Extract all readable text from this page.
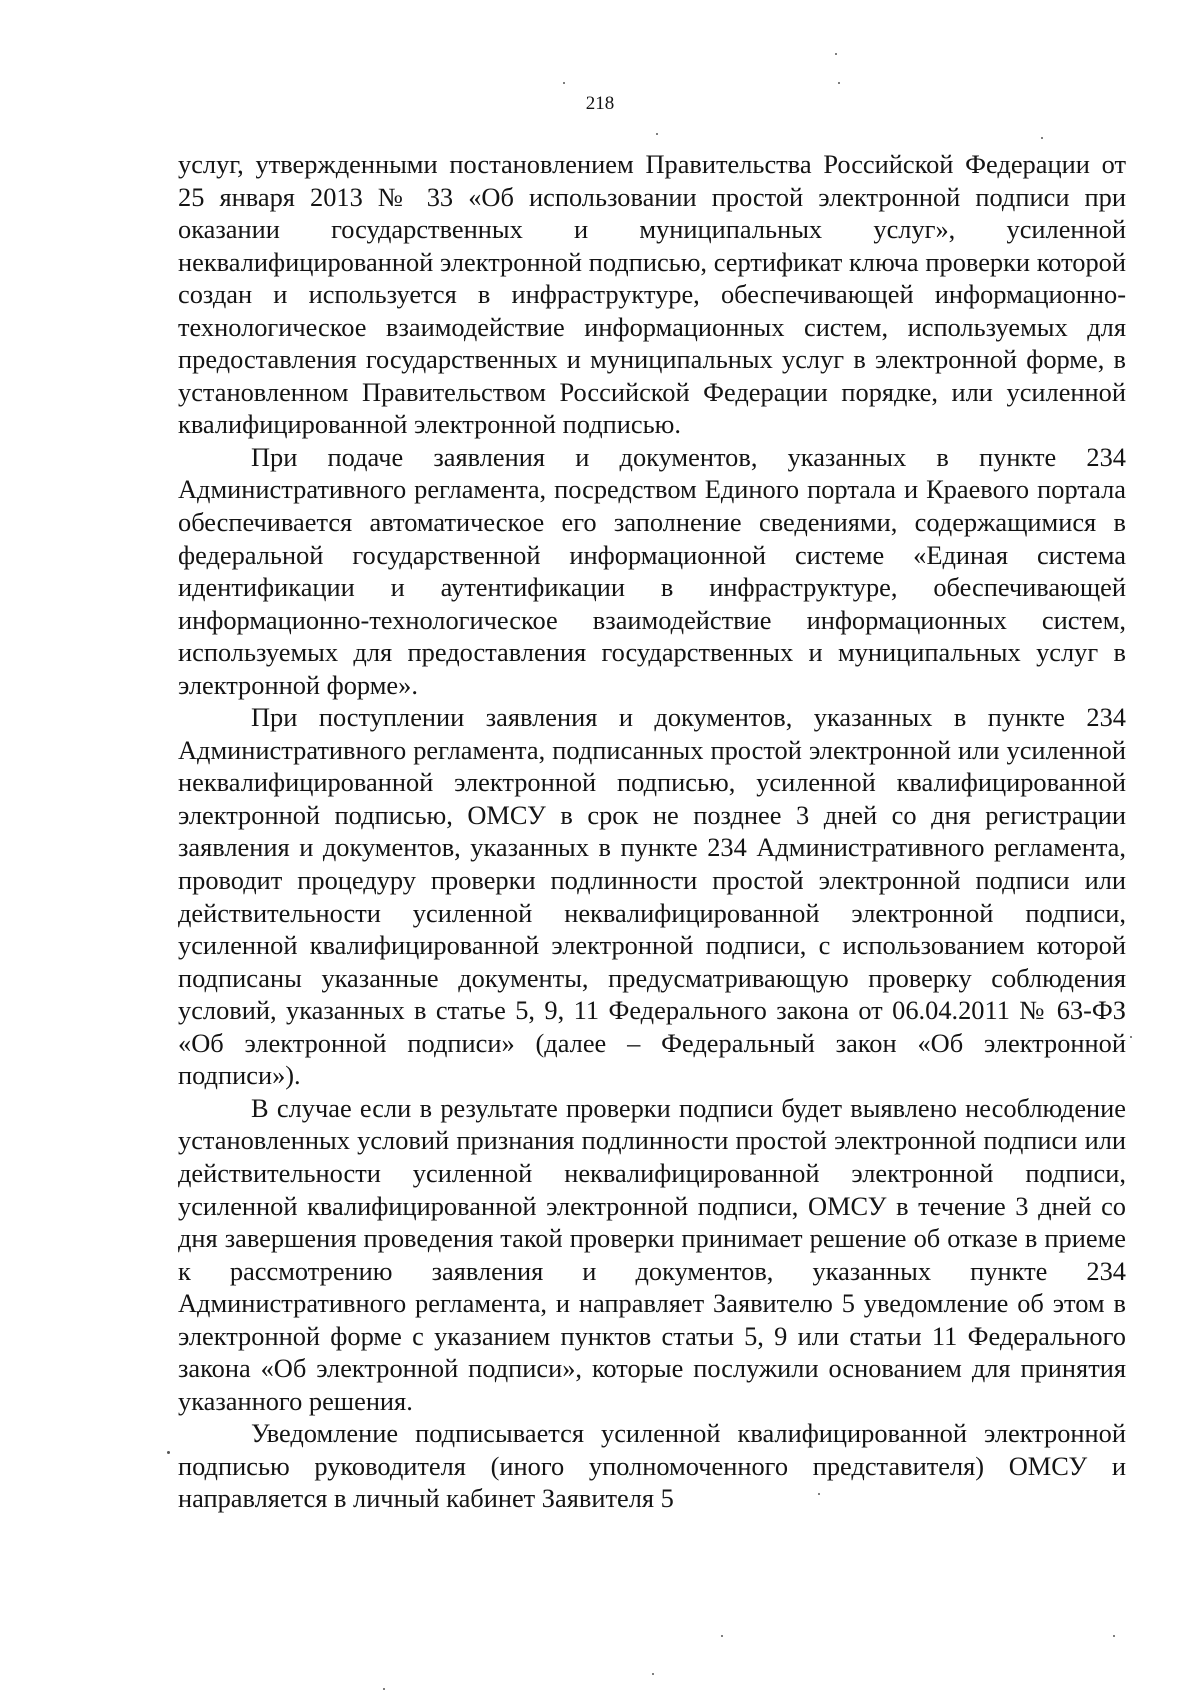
218

услуг, утвержденными постановлением Правительства Российской Федерации от 25 января 2013 № 33 «Об использовании простой электронной подписи при оказании государственных и муниципальных услуг», усиленной неквалифицированной электронной подписью, сертификат ключа проверки которой создан и используется в инфраструктуре, обеспечивающей информационно-технологическое взаимодействие информационных систем, используемых для предоставления государственных и муниципальных услуг в электронной форме, в установленном Правительством Российской Федерации порядке, или усиленной квалифицированной электронной подписью.

При подаче заявления и документов, указанных в пункте 234 Административного регламента, посредством Единого портала и Краевого портала обеспечивается автоматическое его заполнение сведениями, содержащимися в федеральной государственной информационной системе «Единая система идентификации и аутентификации в инфраструктуре, обеспечивающей информационно-технологическое взаимодействие информационных систем, используемых для предоставления государственных и муниципальных услуг в электронной форме».

При поступлении заявления и документов, указанных в пункте 234 Административного регламента, подписанных простой электронной или усиленной неквалифицированной электронной подписью, усиленной квалифицированной электронной подписью, ОМСУ в срок не позднее 3 дней со дня регистрации заявления и документов, указанных в пункте 234 Административного регламента, проводит процедуру проверки подлинности простой электронной подписи или действительности усиленной неквалифицированной электронной подписи, усиленной квалифицированной электронной подписи, с использованием которой подписаны указанные документы, предусматривающую проверку соблюдения условий, указанных в статье 5, 9, 11 Федерального закона от 06.04.2011 № 63-ФЗ «Об электронной подписи» (далее – Федеральный закон «Об электронной подписи»).

В случае если в результате проверки подписи будет выявлено несоблюдение установленных условий признания подлинности простой электронной подписи или действительности усиленной неквалифицированной электронной подписи, усиленной квалифицированной электронной подписи, ОМСУ в течение 3 дней со дня завершения проведения такой проверки принимает решение об отказе в приеме к рассмотрению заявления и документов, указанных пункте 234 Административного регламента, и направляет Заявителю 5 уведомление об этом в электронной форме с указанием пунктов статьи 5, 9 или статьи 11 Федерального закона «Об электронной подписи», которые послужили основанием для принятия указанного решения.

Уведомление подписывается усиленной квалифицированной электронной подписью руководителя (иного уполномоченного представителя) ОМСУ и направляется в личный кабинет Заявителя 5
